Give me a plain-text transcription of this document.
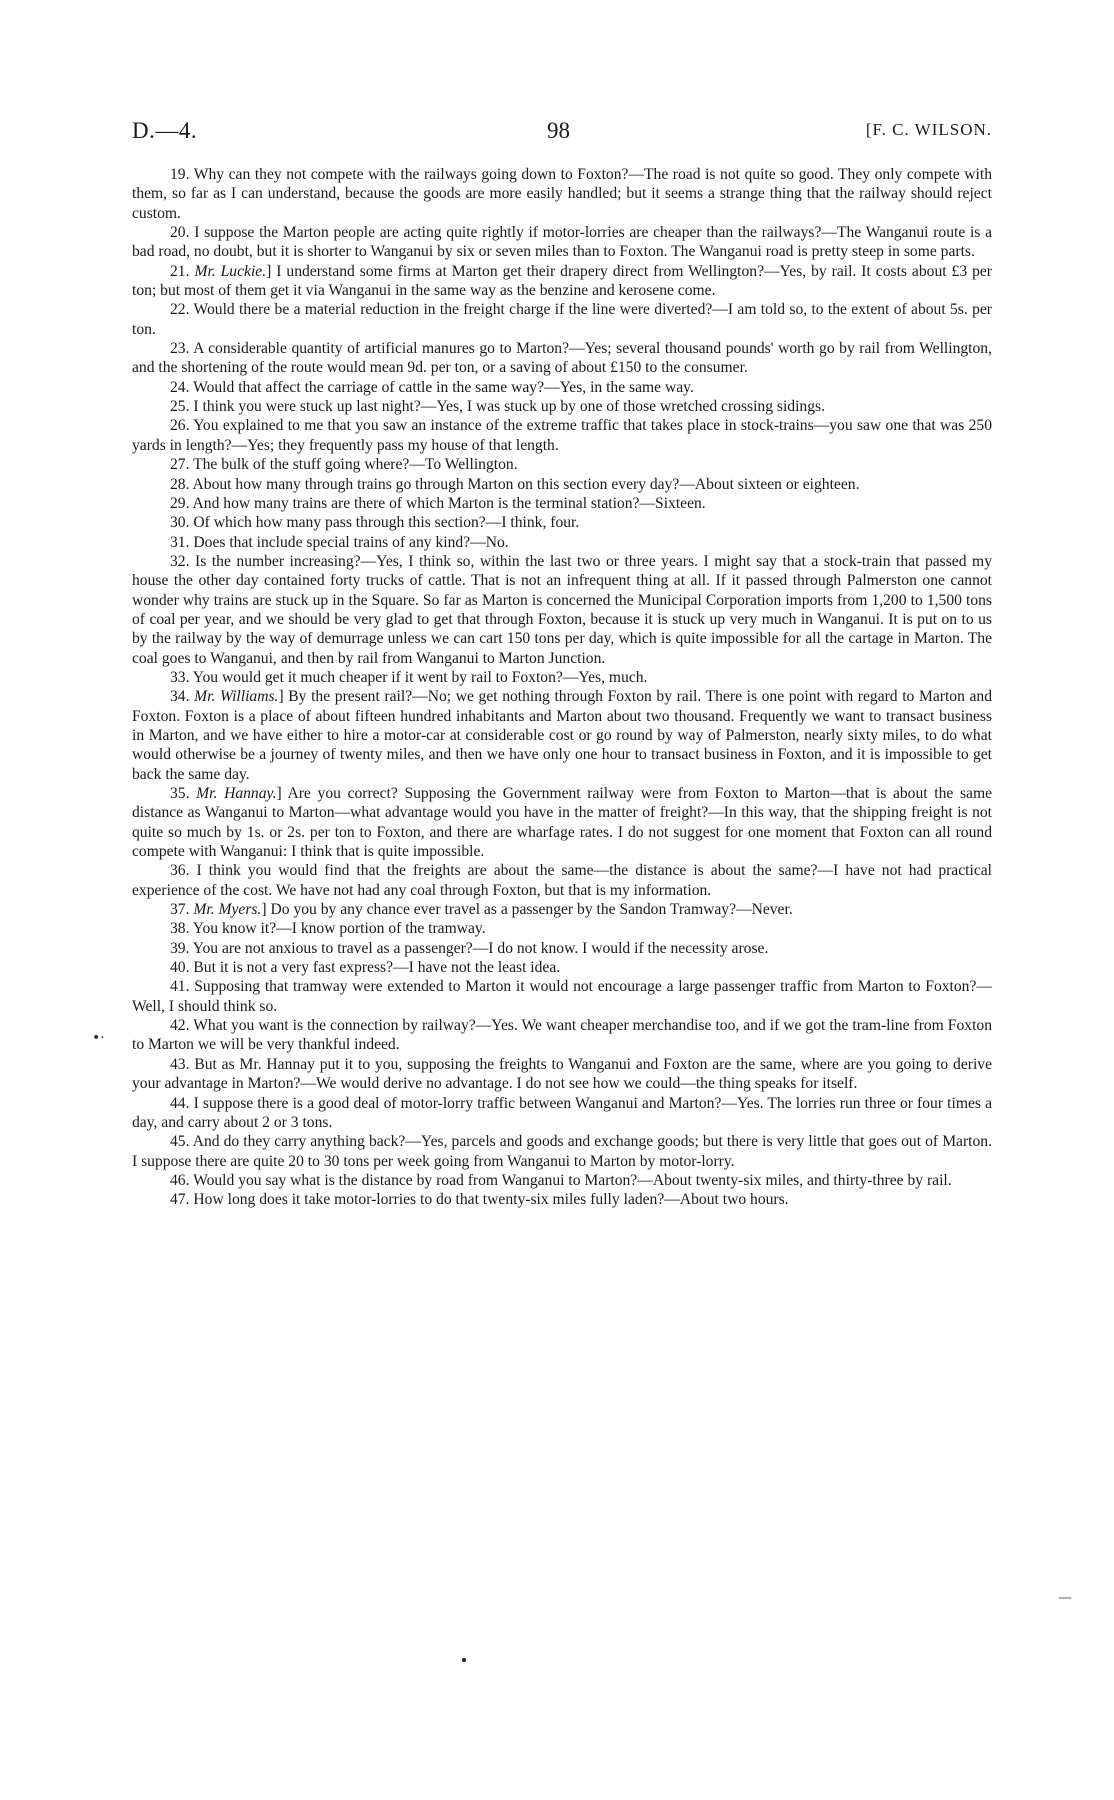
D.—4.	98	[F. C. WILSON.

19. Why can they not compete with the railways going down to Foxton?—The road is not quite so good. They only compete with them, so far as I can understand, because the goods are more easily handled; but it seems a strange thing that the railway should reject custom.

20. I suppose the Marton people are acting quite rightly if motor-lorries are cheaper than the railways?—The Wanganui route is a bad road, no doubt, but it is shorter to Wanganui by six or seven miles than to Foxton. The Wanganui road is pretty steep in some parts.

21. Mr. Luckie.] I understand some firms at Marton get their drapery direct from Wellington?—Yes, by rail. It costs about £3 per ton; but most of them get it via Wanganui in the same way as the benzine and kerosene come.

22. Would there be a material reduction in the freight charge if the line were diverted?—I am told so, to the extent of about 5s. per ton.

23. A considerable quantity of artificial manures go to Marton?—Yes; several thousand pounds' worth go by rail from Wellington, and the shortening of the route would mean 9d. per ton, or a saving of about £150 to the consumer.

24. Would that affect the carriage of cattle in the same way?—Yes, in the same way.

25. I think you were stuck up last night?—Yes, I was stuck up by one of those wretched crossing sidings.

26. You explained to me that you saw an instance of the extreme traffic that takes place in stock-trains—you saw one that was 250 yards in length?—Yes; they frequently pass my house of that length.

27. The bulk of the stuff going where?—To Wellington.

28. About how many through trains go through Marton on this section every day?—About sixteen or eighteen.

29. And how many trains are there of which Marton is the terminal station?—Sixteen.

30. Of which how many pass through this section?—I think, four.

31. Does that include special trains of any kind?—No.

32. Is the number increasing?—Yes, I think so, within the last two or three years. I might say that a stock-train that passed my house the other day contained forty trucks of cattle. That is not an infrequent thing at all. If it passed through Palmerston one cannot wonder why trains are stuck up in the Square. So far as Marton is concerned the Municipal Corporation imports from 1,200 to 1,500 tons of coal per year, and we should be very glad to get that through Foxton, because it is stuck up very much in Wanganui. It is put on to us by the railway by the way of demurrage unless we can cart 150 tons per day, which is quite impossible for all the cartage in Marton. The coal goes to Wanganui, and then by rail from Wanganui to Marton Junction.

33. You would get it much cheaper if it went by rail to Foxton?—Yes, much.

34. Mr. Williams.] By the present rail?—No; we get nothing through Foxton by rail. There is one point with regard to Marton and Foxton. Foxton is a place of about fifteen hundred inhabitants and Marton about two thousand. Frequently we want to transact business in Marton, and we have either to hire a motor-car at considerable cost or go round by way of Palmerston, nearly sixty miles, to do what would otherwise be a journey of twenty miles, and then we have only one hour to transact business in Foxton, and it is impossible to get back the same day.

35. Mr. Hannay.] Are you correct? Supposing the Government railway were from Foxton to Marton—that is about the same distance as Wanganui to Marton—what advantage would you have in the matter of freight?—In this way, that the shipping freight is not quite so much by 1s. or 2s. per ton to Foxton, and there are wharfage rates. I do not suggest for one moment that Foxton can all round compete with Wanganui: I think that is quite impossible.

36. I think you would find that the freights are about the same—the distance is about the same?—I have not had practical experience of the cost. We have not had any coal through Foxton, but that is my information.

37. Mr. Myers.] Do you by any chance ever travel as a passenger by the Sandon Tramway?—Never.

38. You know it?—I know portion of the tramway.

39. You are not anxious to travel as a passenger?—I do not know. I would if the necessity arose.

40. But it is not a very fast express?—I have not the least idea.

41. Supposing that tramway were extended to Marton it would not encourage a large passenger traffic from Marton to Foxton?—Well, I should think so.

42. What you want is the connection by railway?—Yes. We want cheaper merchandise too, and if we got the tram-line from Foxton to Marton we will be very thankful indeed.

43. But as Mr. Hannay put it to you, supposing the freights to Wanganui and Foxton are the same, where are you going to derive your advantage in Marton?—We would derive no advantage. I do not see how we could—the thing speaks for itself.

44. I suppose there is a good deal of motor-lorry traffic between Wanganui and Marton?—Yes. The lorries run three or four times a day, and carry about 2 or 3 tons.

45. And do they carry anything back?—Yes, parcels and goods and exchange goods; but there is very little that goes out of Marton. I suppose there are quite 20 to 30 tons per week going from Wanganui to Marton by motor-lorry.

46. Would you say what is the distance by road from Wanganui to Marton?—About twenty-six miles, and thirty-three by rail.

47. How long does it take motor-lorries to do that twenty-six miles fully laden?—About two hours.

•·
—
